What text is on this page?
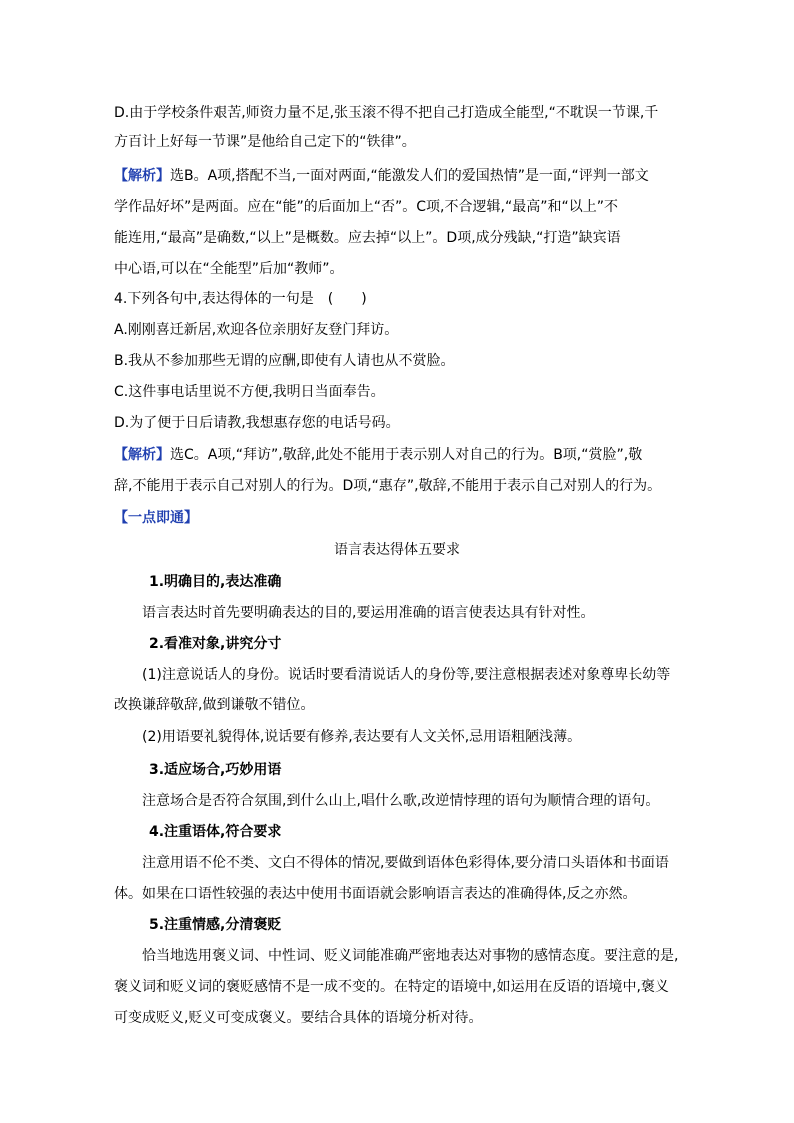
D.由于学校条件艰苦,师资力量不足,张玉滚不得不把自己打造成全能型,“不耽误一节课,千
方百计上好每一节课”是他给自己定下的“铁律”。
【解析】选B。A项,搭配不当,一面对两面,“能激发人们的爱国热情”是一面,“评判一部文
学作品好坏”是两面。应在“能”的后面加上“否”。C项,不合逻辑,“最高”和“以上”不
能连用,“最高”是确数,“以上”是概数。应去掉“以上”。D项,成分残缺,“打造”缺宾语
中心语,可以在“全能型”后加“教师”。
4.下列各句中,表达得体的一句是　(　　)
A.刚刚喜迁新居,欢迎各位亲朋好友登门拜访。
B.我从不参加那些无谓的应酬,即使有人请也从不赏脸。
C.这件事电话里说不方便,我明日当面奉告。
D.为了便于日后请教,我想惠存您的电话号码。
【解析】选C。A项,“拜访”,敬辞,此处不能用于表示别人对自己的行为。B项,“赏脸”,敬
辞,不能用于表示自己对别人的行为。D项,“惠存”,敬辞,不能用于表示自己对别人的行为。
【一点即通】
语言表达得体五要求
1.明确目的,表达准确
语言表达时首先要明确表达的目的,要运用准确的语言使表达具有针对性。
2.看准对象,讲究分寸
(1)注意说话人的身份。说话时要看清说话人的身份等,要注意根据表述对象尊卑长幼等
改换谦辞敬辞,做到谦敬不错位。
(2)用语要礼貌得体,说话要有修养,表达要有人文关怀,忌用语粗陋浅薄。
3.适应场合,巧妙用语
注意场合是否符合氛围,到什么山上,唱什么歌,改逆情悖理的语句为顺情合理的语句。
4.注重语体,符合要求
注意用语不伦不类、文白不得体的情况,要做到语体色彩得体,要分清口头语体和书面语
体。如果在口语性较强的表达中使用书面语就会影响语言表达的准确得体,反之亦然。
5.注重情感,分清褒贬
恰当地选用褒义词、中性词、贬义词能准确严密地表达对事物的感情态度。要注意的是,
褒义词和贬义词的褒贬感情不是一成不变的。在特定的语境中,如运用在反语的语境中,褒义
可变成贬义,贬义可变成褒义。要结合具体的语境分析对待。
